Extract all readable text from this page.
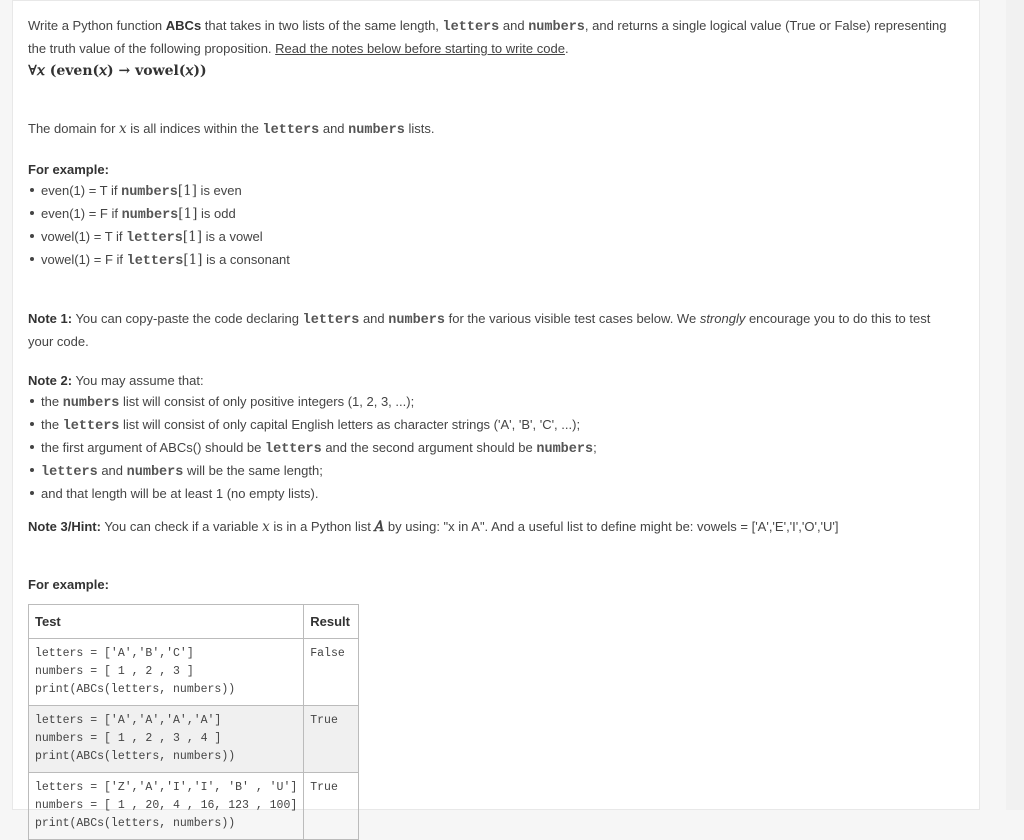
Write a Python function ABCs that takes in two lists of the same length, letters and numbers, and returns a single logical value (True or False) representing the truth value of the following proposition. Read the notes below before starting to write code.

∀𝑥 (even(𝑥) → vowel(𝑥))

The domain for 𝑥 is all indices within the letters and numbers lists.

For example:

even(1) = T if numbers[1] is even
even(1) = F if numbers[1] is odd
vowel(1) = T if letters[1] is a vowel
vowel(1) = F if letters[1] is a consonant

Note 1: You can copy-paste the code declaring letters and numbers for the various visible test cases below. We strongly encourage you to do this to test your code.

Note 2: You may assume that:

the numbers list will consist of only positive integers (1, 2, 3, ...);
the letters list will consist of only capital English letters as character strings ('A', 'B', 'C', ...);
the first argument of ABCs() should be letters and the second argument should be numbers;
letters and numbers will be the same length;
and that length will be at least 1 (no empty lists).

Note 3/Hint: You can check if a variable 𝑥 is in a Python list 𝐴 by using: "x in A". And a useful list to define might be: vowels = ['A','E','I','O','U']

For example:

Test	Result
letters = ['A','B','C']
numbers = [ 1 , 2 , 3 ]
print(ABCs(letters, numbers))	False
letters = ['A','A','A','A']
numbers = [ 1 , 2 , 3 , 4 ]
print(ABCs(letters, numbers))	True
letters = ['Z','A','I','I', 'B' , 'U']
numbers = [ 1 , 20, 4 , 16, 123 , 100]
print(ABCs(letters, numbers))	True
